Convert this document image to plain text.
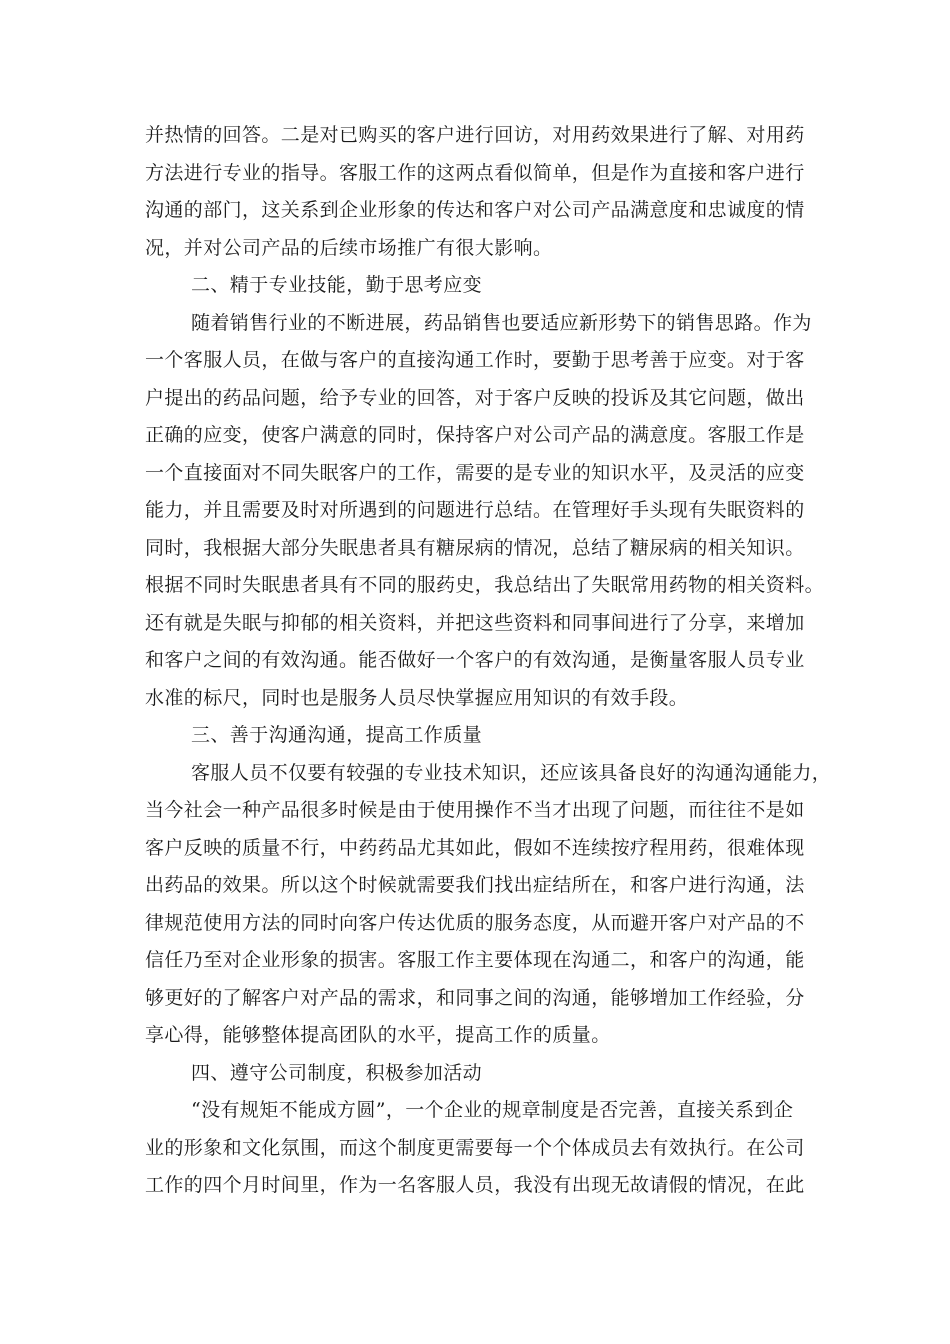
并热情的回答。二是对已购买的客户进行回访，对用药效果进行了解、对用药
方法进行专业的指导。客服工作的这两点看似简单，但是作为直接和客户进行
沟通的部门，这关系到企业形象的传达和客户对公司产品满意度和忠诚度的情
况，并对公司产品的后续市场推广有很大影响。
二、精于专业技能，勤于思考应变
随着销售行业的不断进展，药品销售也要适应新形势下的销售思路。作为
一个客服人员，在做与客户的直接沟通工作时，要勤于思考善于应变。对于客
户提出的药品问题，给予专业的回答，对于客户反映的投诉及其它问题，做出
正确的应变，使客户满意的同时，保持客户对公司产品的满意度。客服工作是
一个直接面对不同失眠客户的工作，需要的是专业的知识水平，及灵活的应变
能力，并且需要及时对所遇到的问题进行总结。在管理好手头现有失眠资料的
同时，我根据大部分失眠患者具有糖尿病的情况，总结了糖尿病的相关知识。
根据不同时失眠患者具有不同的服药史，我总结出了失眠常用药物的相关资料。
还有就是失眠与抑郁的相关资料，并把这些资料和同事间进行了分享，来增加
和客户之间的有效沟通。能否做好一个客户的有效沟通，是衡量客服人员专业
水准的标尺，同时也是服务人员尽快掌握应用知识的有效手段。
三、善于沟通沟通，提高工作质量
客服人员不仅要有较强的专业技术知识，还应该具备良好的沟通沟通能力，
当今社会一种产品很多时候是由于使用操作不当才出现了问题，而往往不是如
客户反映的质量不行，中药药品尤其如此，假如不连续按疗程用药，很难体现
出药品的效果。所以这个时候就需要我们找出症结所在，和客户进行沟通，法
律规范使用方法的同时向客户传达优质的服务态度，从而避开客户对产品的不
信任乃至对企业形象的损害。客服工作主要体现在沟通二，和客户的沟通，能
够更好的了解客户对产品的需求，和同事之间的沟通，能够增加工作经验，分
享心得，能够整体提高团队的水平，提高工作的质量。
四、遵守公司制度，积极参加活动
“没有规矩不能成方圆”，一个企业的规章制度是否完善，直接关系到企
业的形象和文化氛围，而这个制度更需要每一个个体成员去有效执行。在公司
工作的四个月时间里，作为一名客服人员，我没有出现无故请假的情况，在此
